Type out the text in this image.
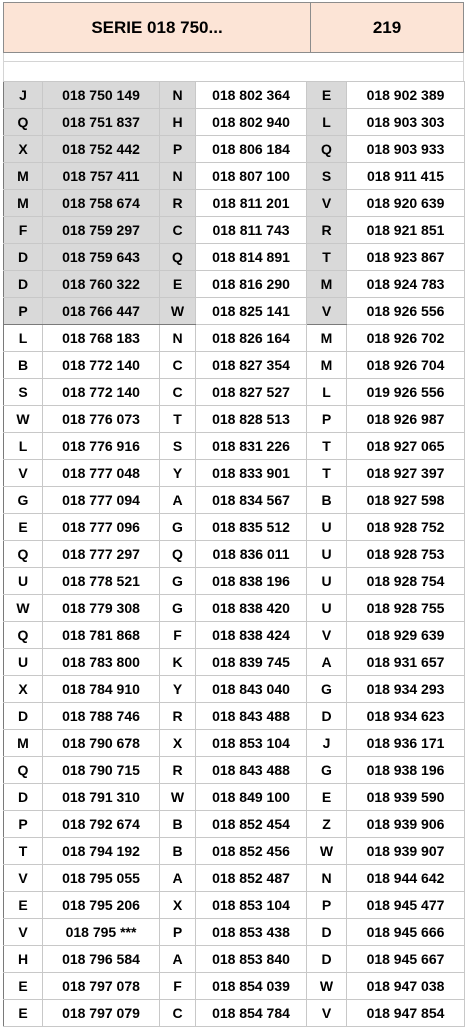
SERIE 018 750...	219
J	018 750 149	N	018 802 364	E	018 902 389
Q	018 751 837	H	018 802 940	L	018 903 303
X	018 752 442	P	018 806 184	Q	018 903 933
M	018 757 411	N	018 807 100	S	018 911 415
M	018 758 674	R	018 811 201	V	018 920 639
F	018 759 297	C	018 811 743	R	018 921 851
D	018 759 643	Q	018 814 891	T	018 923 867
D	018 760 322	E	018 816 290	M	018 924 783
P	018 766 447	W	018 825 141	V	018 926 556
L	018 768 183	N	018 826 164	M	018 926 702
B	018 772 140	C	018 827 354	M	018 926 704
S	018 772 140	C	018 827 527	L	019 926 556
W	018 776 073	T	018 828 513	P	018 926 987
L	018 776 916	S	018 831 226	T	018 927 065
V	018 777 048	Y	018 833 901	T	018 927 397
G	018 777 094	A	018 834 567	B	018 927 598
E	018 777 096	G	018 835 512	U	018 928 752
Q	018 777 297	Q	018 836 011	U	018 928 753
U	018 778 521	G	018 838 196	U	018 928 754
W	018 779 308	G	018 838 420	U	018 928 755
Q	018 781 868	F	018 838 424	V	018 929 639
U	018 783 800	K	018 839 745	A	018 931 657
X	018 784 910	Y	018 843 040	G	018 934 293
D	018 788 746	R	018 843 488	D	018 934 623
M	018 790 678	X	018 853 104	J	018 936 171
Q	018 790 715	R	018 843 488	G	018 938 196
D	018 791 310	W	018 849 100	E	018 939 590
P	018 792 674	B	018 852 454	Z	018 939 906
T	018 794 192	B	018 852 456	W	018 939 907
V	018 795 055	A	018 852 487	N	018 944 642
E	018 795 206	X	018 853 104	P	018 945 477
V	018 795 ***	P	018 853 438	D	018 945 666
H	018 796 584	A	018 853 840	D	018 945 667
E	018 797 078	F	018 854 039	W	018 947 038
E	018 797 079	C	018 854 784	V	018 947 854
